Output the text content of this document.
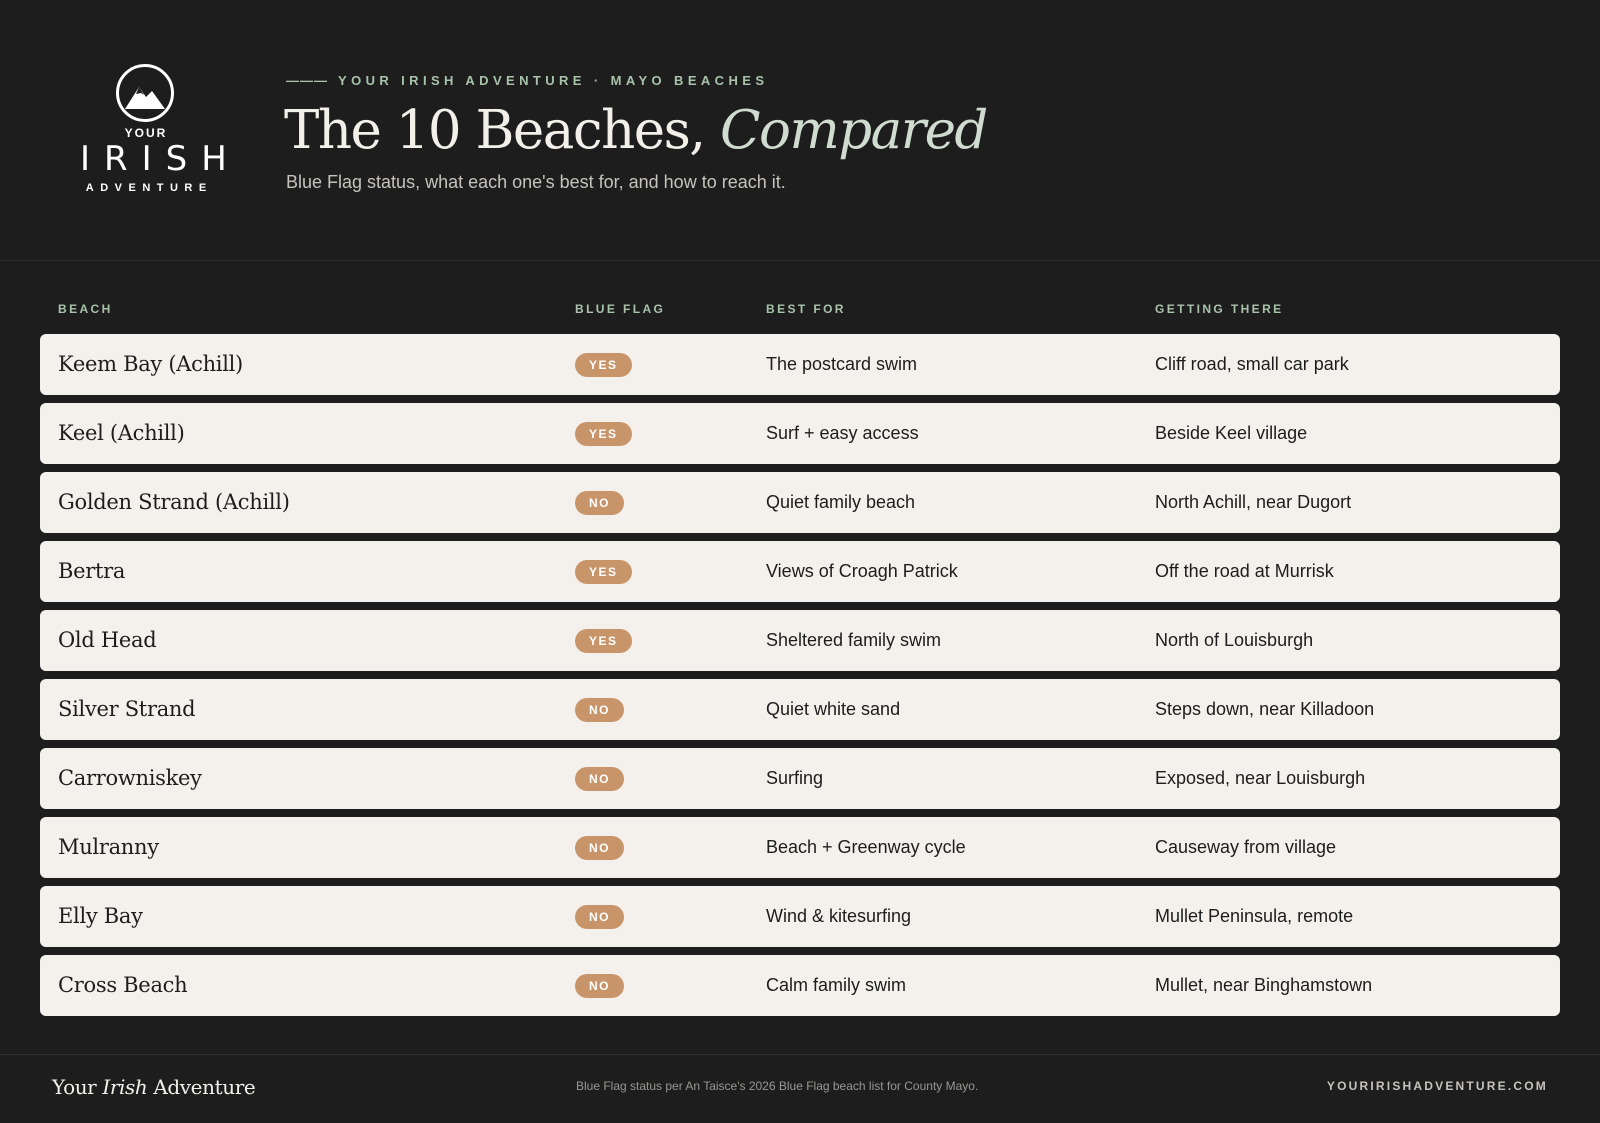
YOUR
IRISH
ADVENTURE
——— YOUR IRISH ADVENTURE · MAYO BEACHES
The 10 Beaches, Compared
Blue Flag status, what each one's best for, and how to reach it.
BEACH	BLUE FLAG	BEST FOR	GETTING THERE
Keem Bay (Achill)	YES	The postcard swim	Cliff road, small car park
Keel (Achill)	YES	Surf + easy access	Beside Keel village
Golden Strand (Achill)	NO	Quiet family beach	North Achill, near Dugort
Bertra	YES	Views of Croagh Patrick	Off the road at Murrisk
Old Head	YES	Sheltered family swim	North of Louisburgh
Silver Strand	NO	Quiet white sand	Steps down, near Killadoon
Carrowniskey	NO	Surfing	Exposed, near Louisburgh
Mulranny	NO	Beach + Greenway cycle	Causeway from village
Elly Bay	NO	Wind & kitesurfing	Mullet Peninsula, remote
Cross Beach	NO	Calm family swim	Mullet, near Binghamstown
Your Irish Adventure	Blue Flag status per An Taisce's 2026 Blue Flag beach list for County Mayo.	YOURIRISHADVENTURE.COM
